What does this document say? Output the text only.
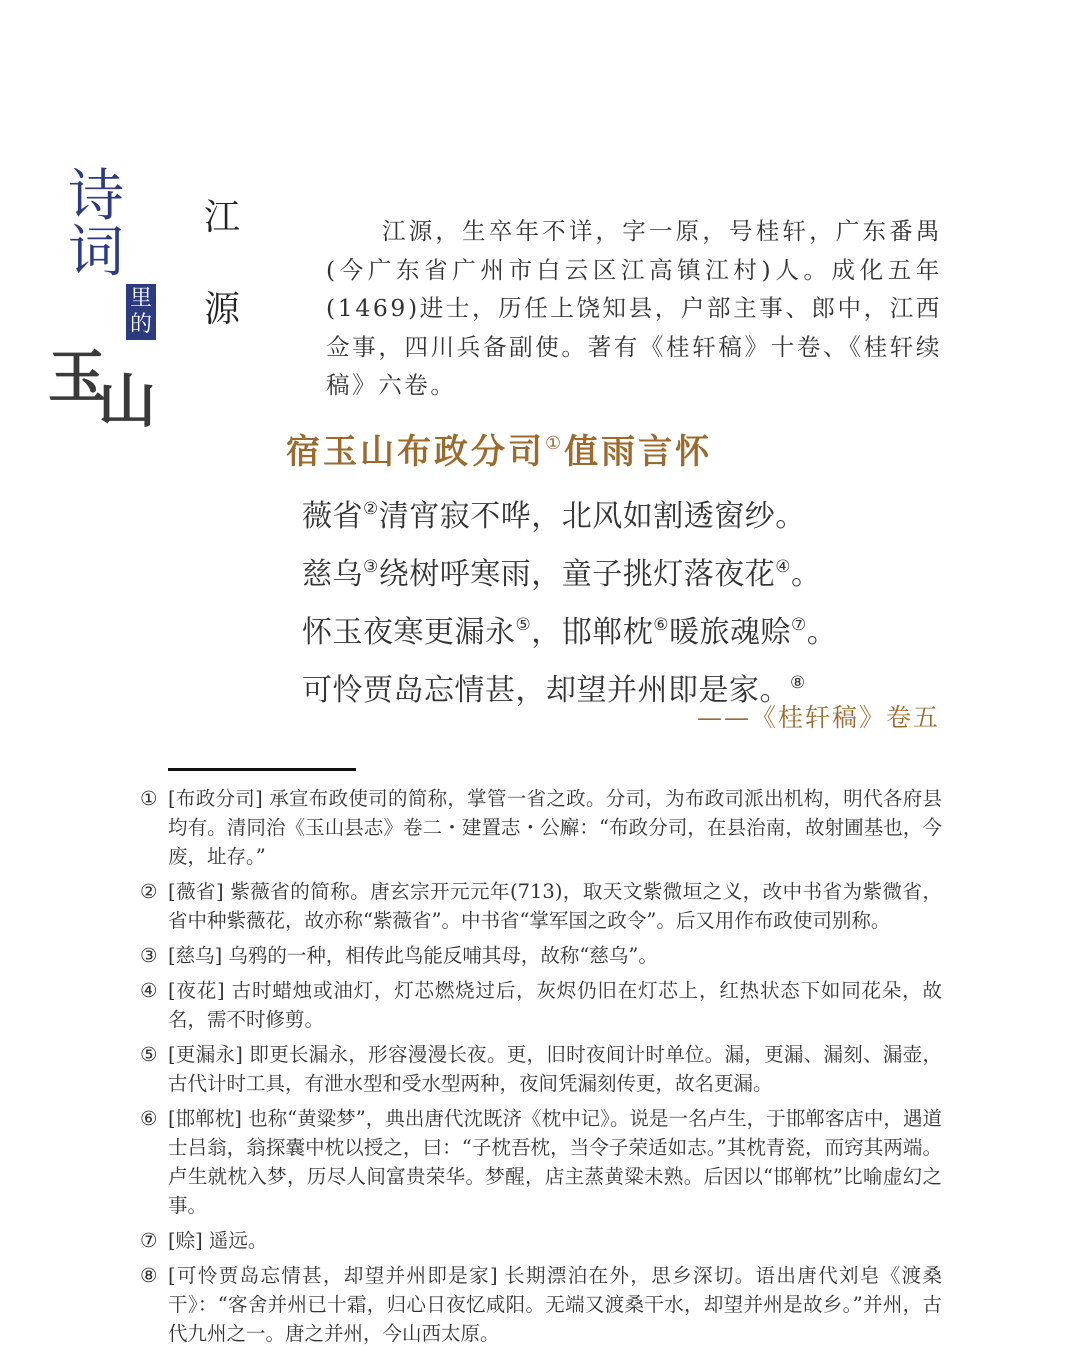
诗
词
里
的
玉山
江
源
江源，生卒年不详，字一原，号桂轩，广东番禺(今广东省广州市白云区江高镇江村)人。成化五年(1469)进士，历任上饶知县，户部主事、郎中，江西佥事，四川兵备副使。著有《桂轩稿》十卷、《桂轩续稿》六卷。
宿玉山布政分司①值雨言怀
薇省②清宵寂不哗，北风如割透窗纱。
慈乌③绕树呼寒雨，童子挑灯落夜花④。
怀玉夜寒更漏永⑤，邯郸枕⑥暖旅魂赊⑦。
可怜贾岛忘情甚，却望并州即是家。⑧
——《桂轩稿》卷五
① [布政分司] 承宣布政使司的简称，掌管一省之政。分司，为布政司派出机构，明代各府县均有。清同治《玉山县志》卷二・建置志・公廨：“布政分司，在县治南，故射圃基也，今废，址存。”
② [薇省] 紫薇省的简称。唐玄宗开元元年(713)，取天文紫微垣之义，改中书省为紫微省，省中种紫薇花，故亦称“紫薇省”。中书省“掌军国之政令”。后又用作布政使司别称。
③ [慈乌] 乌鸦的一种，相传此鸟能反哺其母，故称“慈乌”。
④ [夜花] 古时蜡烛或油灯，灯芯燃烧过后，灰烬仍旧在灯芯上，红热状态下如同花朵，故名，需不时修剪。
⑤ [更漏永] 即更长漏永，形容漫漫长夜。更，旧时夜间计时单位。漏，更漏、漏刻、漏壶，古代计时工具，有泄水型和受水型两种，夜间凭漏刻传更，故名更漏。
⑥ [邯郸枕] 也称“黄粱梦”，典出唐代沈既济《枕中记》。说是一名卢生，于邯郸客店中，遇道士吕翁，翁探囊中枕以授之，曰：“子枕吾枕，当令子荣适如志。”其枕青瓷，而窍其两端。卢生就枕入梦，历尽人间富贵荣华。梦醒，店主蒸黄粱未熟。后因以“邯郸枕”比喻虚幻之事。
⑦ [赊] 遥远。
⑧ [可怜贾岛忘情甚，却望并州即是家] 长期漂泊在外，思乡深切。语出唐代刘皂《渡桑干》：“客舍并州已十霜，归心日夜忆咸阳。无端又渡桑干水，却望并州是故乡。”并州，古代九州之一。唐之并州，今山西太原。
